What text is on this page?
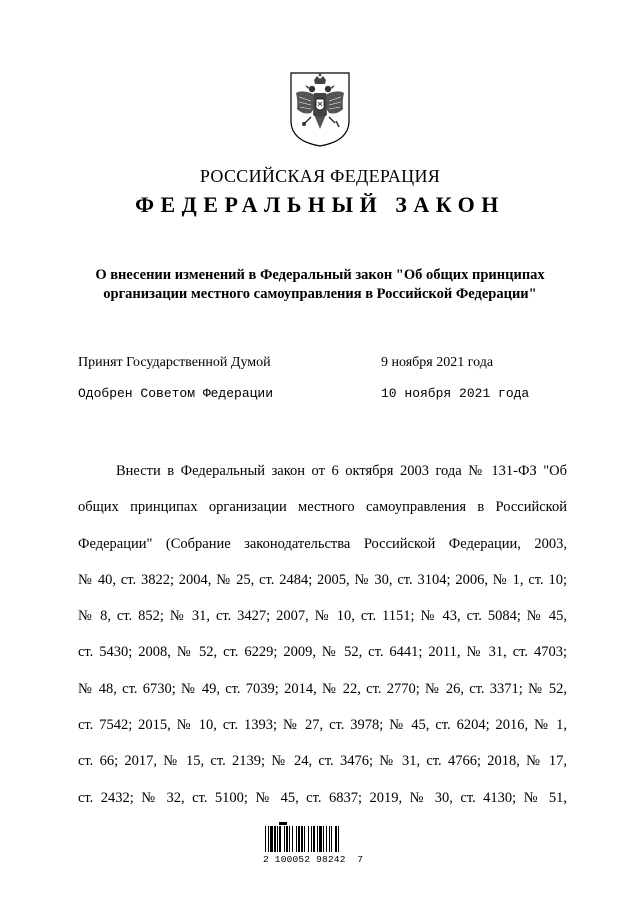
РОССИЙСКАЯ ФЕДЕРАЦИЯ
ФЕДЕРАЛЬНЫЙ ЗАКОН
О внесении изменений в Федеральный закон "Об общих принципах
организации местного самоуправления в Российской Федерации"
Принят Государственной Думой	9 ноября 2021 года
Одобрен Советом Федерации	10 ноября 2021 года
Внести в Федеральный закон от 6 октября 2003 года № 131-ФЗ "Об
общих принципах организации местного самоуправления в Российской
Федерации" (Собрание законодательства Российской Федерации, 2003,
№ 40, ст. 3822; 2004, № 25, ст. 2484; 2005, № 30, ст. 3104; 2006, № 1, ст. 10;
№ 8, ст. 852; № 31, ст. 3427; 2007, № 10, ст. 1151; № 43, ст. 5084; № 45,
ст. 5430; 2008, № 52, ст. 6229; 2009, № 52, ст. 6441; 2011, № 31, ст. 4703;
№ 48, ст. 6730; № 49, ст. 7039; 2014, № 22, ст. 2770; № 26, ст. 3371; № 52,
ст. 7542; 2015, № 10, ст. 1393; № 27, ст. 3978; № 45, ст. 6204; 2016, № 1,
ст. 66; 2017, № 15, ст. 2139; № 24, ст. 3476; № 31, ст. 4766; 2018, № 17,
ст. 2432; № 32, ст. 5100; № 45, ст. 6837; 2019, № 30, ст. 4130; № 51,
2 100052 98242  7
